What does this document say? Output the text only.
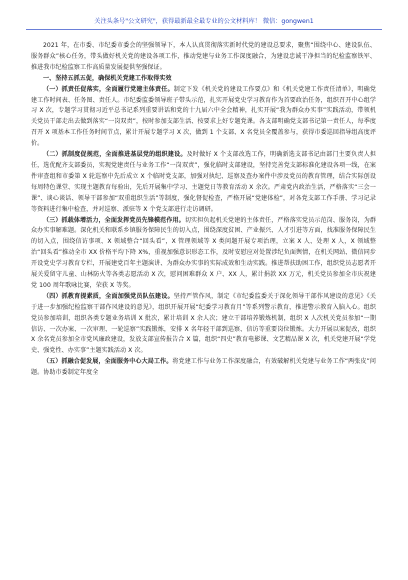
关注头条号"公文研究"，获得最新最全最专业的公文材料库！ 微信：gongwen1

2021 年，在市委、市纪委市委会的坚强领导下，本人认真贯彻落实新时代党的建设总要求，聚焦“围绕中心、建设队伍、服务群众”核心任务，带头做好机关党的建设各项工作，推动党建与业务工作深度融合，为建设忠诚干净担当的纪检监察铁军、推进我市纪检监察工作高质量发展提供坚强保证。

一、坚持五抓五促，确保机关党建工作取得实效

（一）抓责任促落实，全面履行党建主体责任。制定下发《机关党的建设工作要点》和《机关党建工作责任清单》，明确党建工作时间表、任务图、责任人。市纪委监委领导班子带头示范，扎实开展党史学习教育作为首要政治任务，组织召开中心组学习 X 次，专题学习贯彻习近平总书记系列重要讲话和党的十九届六中全会精神，扎实开展“我为群众办实事”实践活动，带领机关党员干部走出去做到落实“一岗双责”，按时参加支部生活、按要求上好专题党课。各支部明确党支部书记第一责任人，每季度召开 X 项基本工作任务时间节点，累计开展专题学习 X 次，做到 1 个支部、X 名党员全覆盖参与，获得市委巡回指导组高度评价。

（二）抓制度促规范，全面推进基层党的组织建设。及时做好 X 个支部改选工作，明确新选支部书记由部门主要负责人担任，选优配齐支部委员，实现党建责任与业务工作“一岗双责”，强化临时支部建设，坚持完善党支部标准化建设各项一线，在案件审查组和市委第 X 轮巡察中先后成立 X 个临时党支部，加强对执纪、巡察及查办案件中涉及党员的教育管理，结合实际创设每周特色课堂、实现主题教育每验出，先后开展集中学习、主题党日等教育活动 X 余次。严肃党内政治生活，严格落实“三会一课”、谈心谈话、领导干部参加“双重组织生活”等制度，强化督促检查，严格开展“党建体检”，对各党支部工作手册、学习记录等资料进行集中检查，并对巡察、派驻等 X 个党支部进行走访调研。

（三）抓载体增活力，全面发挥党员先锋模范作用。切实担负起机关党建的主体责任，严格落实党员示范岗、服务岗，为群众办实事解难题。深化机关和联系乡镇服务保障民生的切入点，围绕深度贫困、产业振兴、人才引进等方面，找准服务保障民生的切入点，围绕信访事项、X 领域整合“回头看”，X 管理领域等 X 类问题开展专项治理，立案 X 人、处理 X 人，X 领域整治“回头看”推动全市 XX 价格平均下降 X%，重视加强意识形态工作，及时安慰应对处置涉纪负面舆情，在机关网站、微信同步开设党史学习教育专栏，开展建党百年主题演讲、为群众办实事的实际成效和生动实践。推进帮扶助困工作，组织党员志愿者开展关爱留守儿童、山林防火等各类志愿活动 X 次，慰问困难群众 X 户、XX 人，累计捐款 XX 万元，机关党员参加全市庆祝建党 100 周年歌咏比赛，荣获 X 等奖。

（四）抓教育提素质，全面加强党员队伍建设。坚持严管作风，制定《市纪委监委关于深化领导干部作风建设的意见》《关于进一步加强纪检监察干部作风建设的意见》，组织开展开展“纪委学习教育月”等系列警示教育，推进警示教育入脑入心。组织党员参加培训，组织各类专题业务培训 X 批次，累计培训 X 余人次；建立干部培养锻炼机制，组织 X 人次机关党员参加“一期信访、一次办案、一次审理、一轮巡察”实践锻炼，安排 X 名年轻干部到巡察、信访等重要岗位锻炼。大力开展以案促改，组织 X 余名党员参加全市党风廉政建设，发放支部宣传报告合 X 篇，组织“四史”教育电影课、文艺精品课 X 次，机关党建开展“学党史、强党性、办实事”主题实践活动 X 次。

（五）抓融合促发展，全面服务中心大局工作。将党建工作与业务工作深度融合，有效破解机关党建与业务工作“两张皮”问题。协助市委制定年度全
